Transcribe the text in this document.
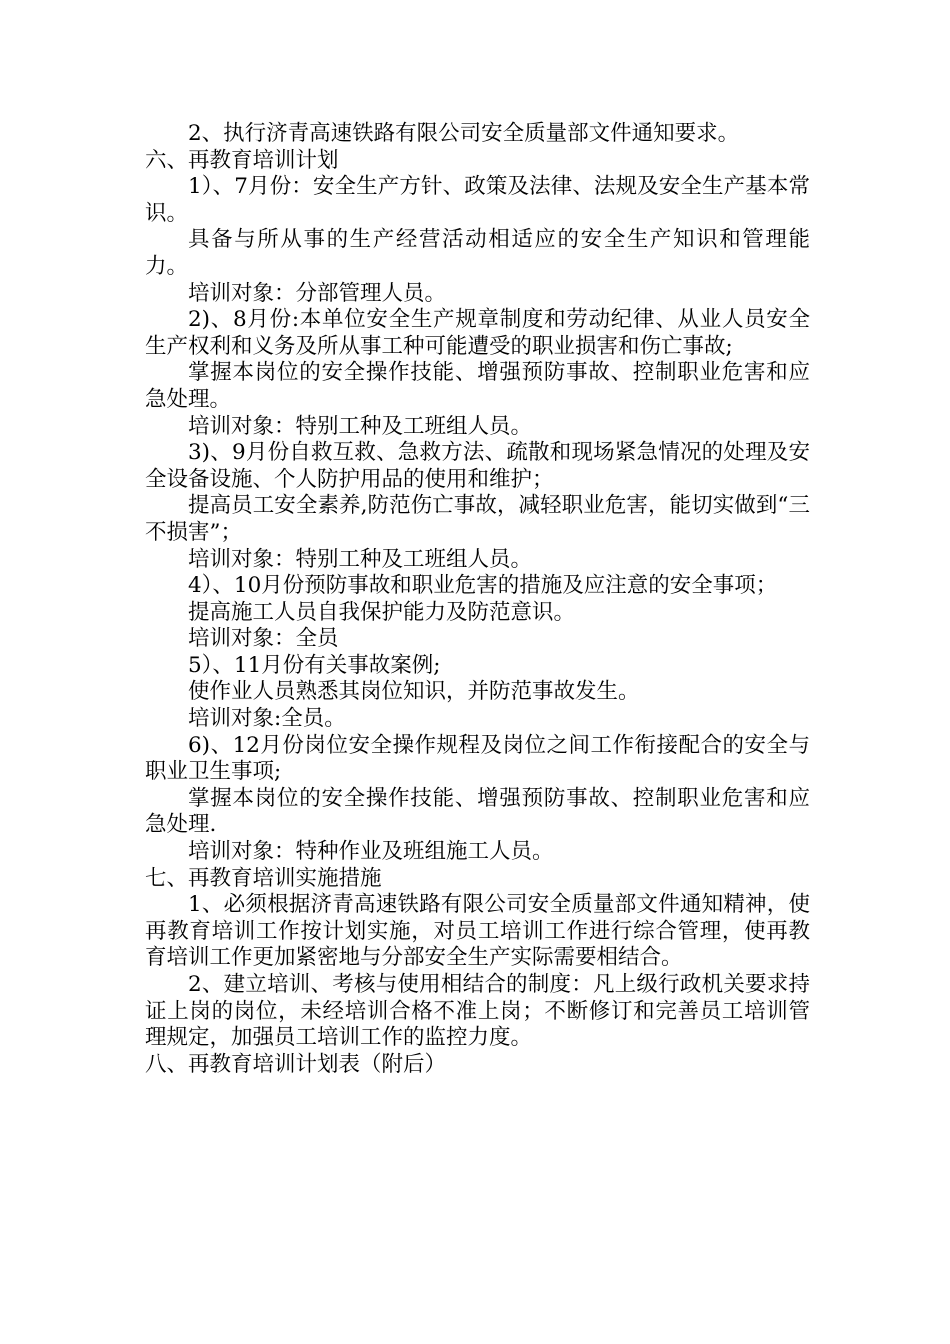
2、执行济青高速铁路有限公司安全质量部文件通知要求。
六、再教育培训计划
1）、7月份：安全生产方针、政策及法律、法规及安全生产基本常识。
具备与所从事的生产经营活动相适应的安全生产知识和管理能力。
培训对象：分部管理人员。
2)、8月份:本单位安全生产规章制度和劳动纪律、从业人员安全生产权利和义务及所从事工种可能遭受的职业损害和伤亡事故;
掌握本岗位的安全操作技能、增强预防事故、控制职业危害和应急处理。
培训对象：特别工种及工班组人员。
3)、9月份自救互救、急救方法、疏散和现场紧急情况的处理及安全设备设施、个人防护用品的使用和维护；
提高员工安全素养,防范伤亡事故，减轻职业危害，能切实做到“三不损害”；
培训对象：特别工种及工班组人员。
4）、10月份预防事故和职业危害的措施及应注意的安全事项；
提高施工人员自我保护能力及防范意识。
培训对象：全员
5）、11月份有关事故案例;
使作业人员熟悉其岗位知识，并防范事故发生。
培训对象:全员。
6)、12月份岗位安全操作规程及岗位之间工作衔接配合的安全与职业卫生事项;
掌握本岗位的安全操作技能、增强预防事故、控制职业危害和应急处理.
培训对象：特种作业及班组施工人员。
七、再教育培训实施措施
1、必须根据济青高速铁路有限公司安全质量部文件通知精神，使再教育培训工作按计划实施，对员工培训工作进行综合管理，使再教育培训工作更加紧密地与分部安全生产实际需要相结合。
2、建立培训、考核与使用相结合的制度：凡上级行政机关要求持证上岗的岗位，未经培训合格不准上岗；不断修订和完善员工培训管理规定，加强员工培训工作的监控力度。
八、再教育培训计划表（附后）
